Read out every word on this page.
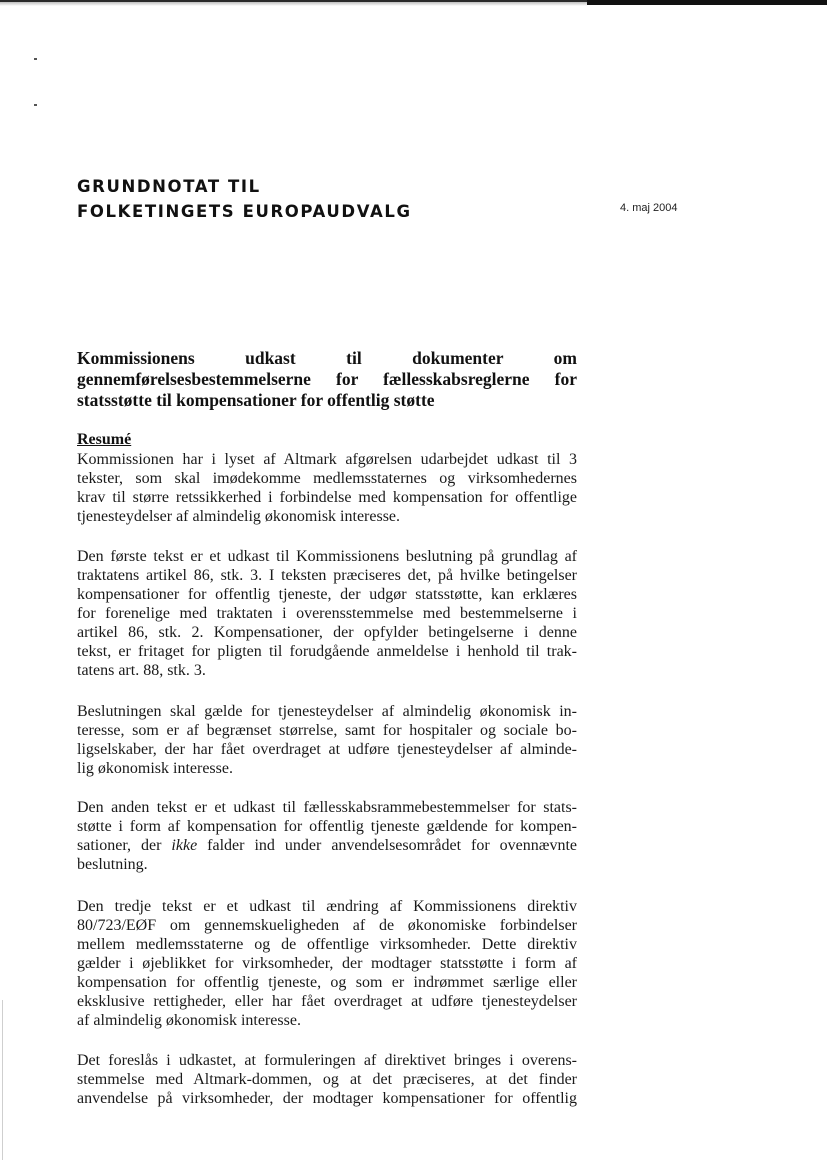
GRUNDNOTAT TIL
FOLKETINGETS EUROPAUDVALG	4. maj 2004
Kommissionens udkast til dokumenter om gennemførelsesbestemmelserne for fællesskabsreglerne for statsstøtte til kompensationer for offentlig støtte
Resumé
Kommissionen har i lyset af Altmark afgørelsen udarbejdet udkast til 3
tekster, som skal imødekomme medlemsstaternes og virksomhedernes
krav til større retssikkerhed i forbindelse med kompensation for offentlige
tjenesteydelser af almindelig økonomisk interesse.
Den første tekst er et udkast til Kommissionens beslutning på grundlag af
traktatens artikel 86, stk. 3. I teksten præciseres det, på hvilke betingelser
kompensationer for offentlig tjeneste, der udgør statsstøtte, kan erklæres
for forenelige med traktaten i overensstemmelse med bestemmelserne i
artikel 86, stk. 2. Kompensationer, der opfylder betingelserne i denne
tekst, er fritaget for pligten til forudgående anmeldelse i henhold til trak-
tatens art. 88, stk. 3.
Beslutningen skal gælde for tjenesteydelser af almindelig økonomisk in-
teresse, som er af begrænset størrelse, samt for hospitaler og sociale bo-
ligselskaber, der har fået overdraget at udføre tjenesteydelser af alminde-
lig økonomisk interesse.
Den anden tekst er et udkast til fællesskabsrammebestemmelser for stats-
støtte i form af kompensation for offentlig tjeneste gældende for kompen-
sationer, der ikke falder ind under anvendelsesområdet for ovennævnte
beslutning.
Den tredje tekst er et udkast til ændring af Kommissionens direktiv
80/723/EØF om gennemskueligheden af de økonomiske forbindelser
mellem medlemsstaterne og de offentlige virksomheder. Dette direktiv
gælder i øjeblikket for virksomheder, der modtager statsstøtte i form af
kompensation for offentlig tjeneste, og som er indrømmet særlige eller
eksklusive rettigheder, eller har fået overdraget at udføre tjenesteydelser
af almindelig økonomisk interesse.
Det foreslås i udkastet, at formuleringen af direktivet bringes i overens-
stemmelse med Altmark-dommen, og at det præciseres, at det finder
anvendelse på virksomheder, der modtager kompensationer for offentlig
